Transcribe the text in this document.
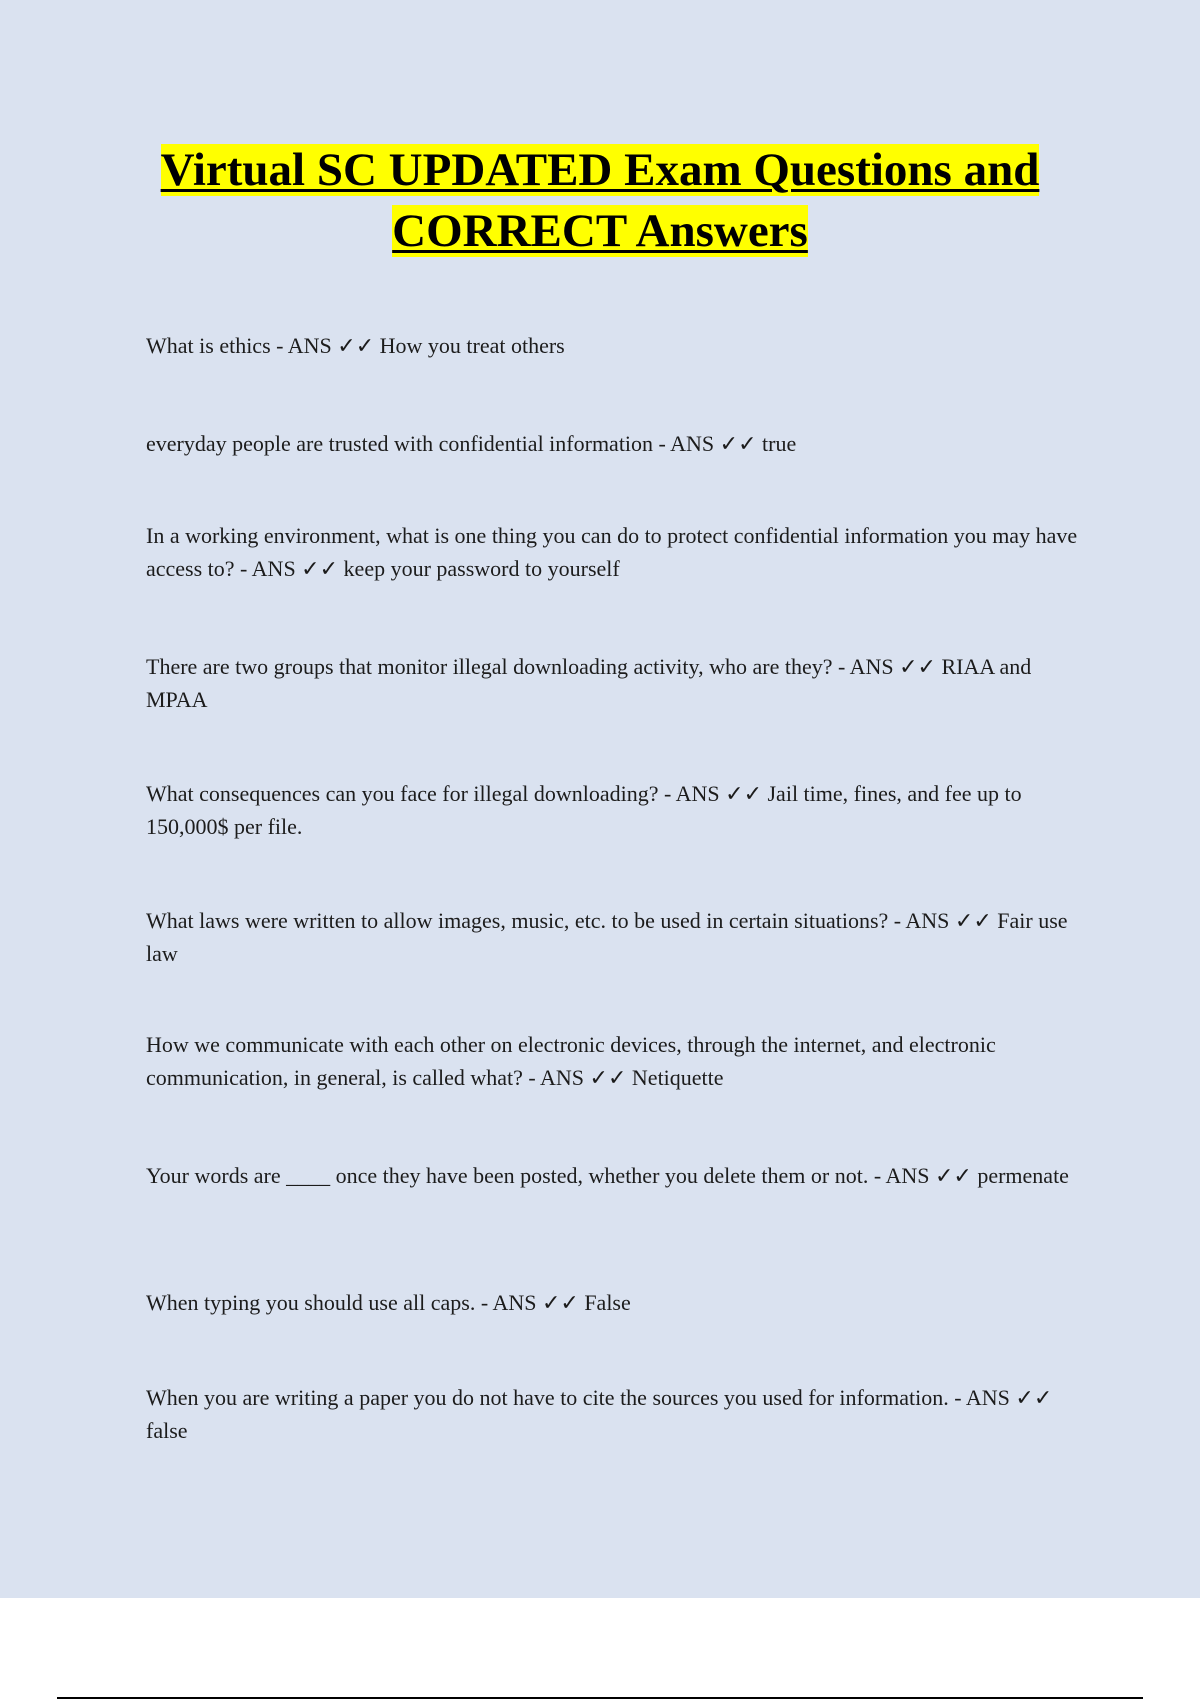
Virtual SC UPDATED Exam Questions and
CORRECT Answers

What is ethics - ANS ✓✓ How you treat others

everyday people are trusted with confidential information - ANS ✓✓ true

In a working environment, what is one thing you can do to protect confidential information you may have access to? - ANS ✓✓ keep your password to yourself

There are two groups that monitor illegal downloading activity, who are they? - ANS ✓✓ RIAA and MPAA

What consequences can you face for illegal downloading? - ANS ✓✓ Jail time, fines, and fee up to 150,000$ per file.

What laws were written to allow images, music, etc. to be used in certain situations? - ANS ✓✓ Fair use law

How we communicate with each other on electronic devices, through the internet, and electronic communication, in general, is called what? - ANS ✓✓ Netiquette

Your words are ____ once they have been posted, whether you delete them or not. - ANS ✓✓ permenate

When typing you should use all caps. - ANS ✓✓ False

When you are writing a paper you do not have to cite the sources you used for information. - ANS ✓✓ false
